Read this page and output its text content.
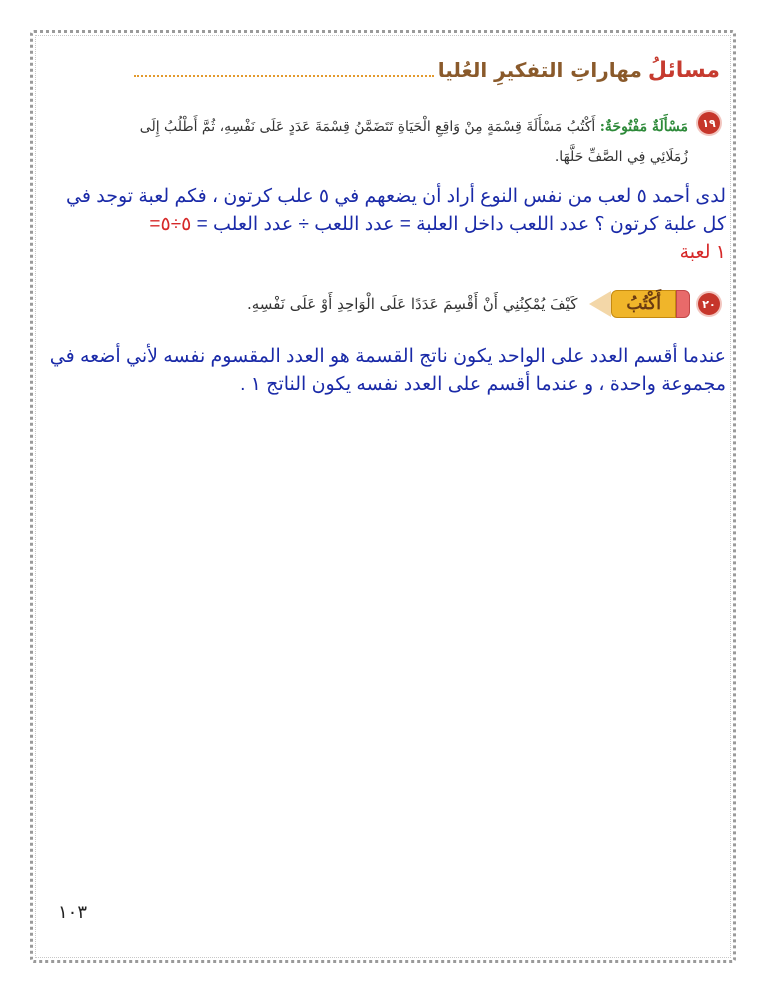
مسائلُ
مهاراتِ التفكيرِ العُليا
١٩
مَسْأَلَةٌ مَفْتُوحَةٌ: أَكْتُبُ مَسْأَلَةَ قِسْمَةٍ مِنْ وَاقِعِ الْحَيَاةِ تَتَضَمَّنُ قِسْمَةَ عَدَدٍ عَلَى نَفْسِهِ، ثُمَّ أَطْلُبُ إِلَى زُمَلَائِي فِي الصَّفِّ حَلَّهَا.
لدى أحمد ٥ لعب من نفس النوع أراد أن يضعهم في ٥ علب كرتون ، فكم لعبة توجد في
كل علبة كرتون ؟ عدد اللعب داخل العلبة = عدد اللعب ÷ عدد العلب = ٥÷٥=
١ لعبة
٢٠
أَكْتُبُ
كَيْفَ يُمْكِنُنِي أَنْ أَقْسِمَ عَدَدًا عَلَى الْوَاحِدِ أَوْ عَلَى نَفْسِهِ.
عندما أقسم العدد على الواحد يكون ناتج القسمة هو العدد المقسوم نفسه لأني أضعه في
مجموعة واحدة ، و عندما أقسم على العدد نفسه يكون الناتج ١ .
١٠٣
